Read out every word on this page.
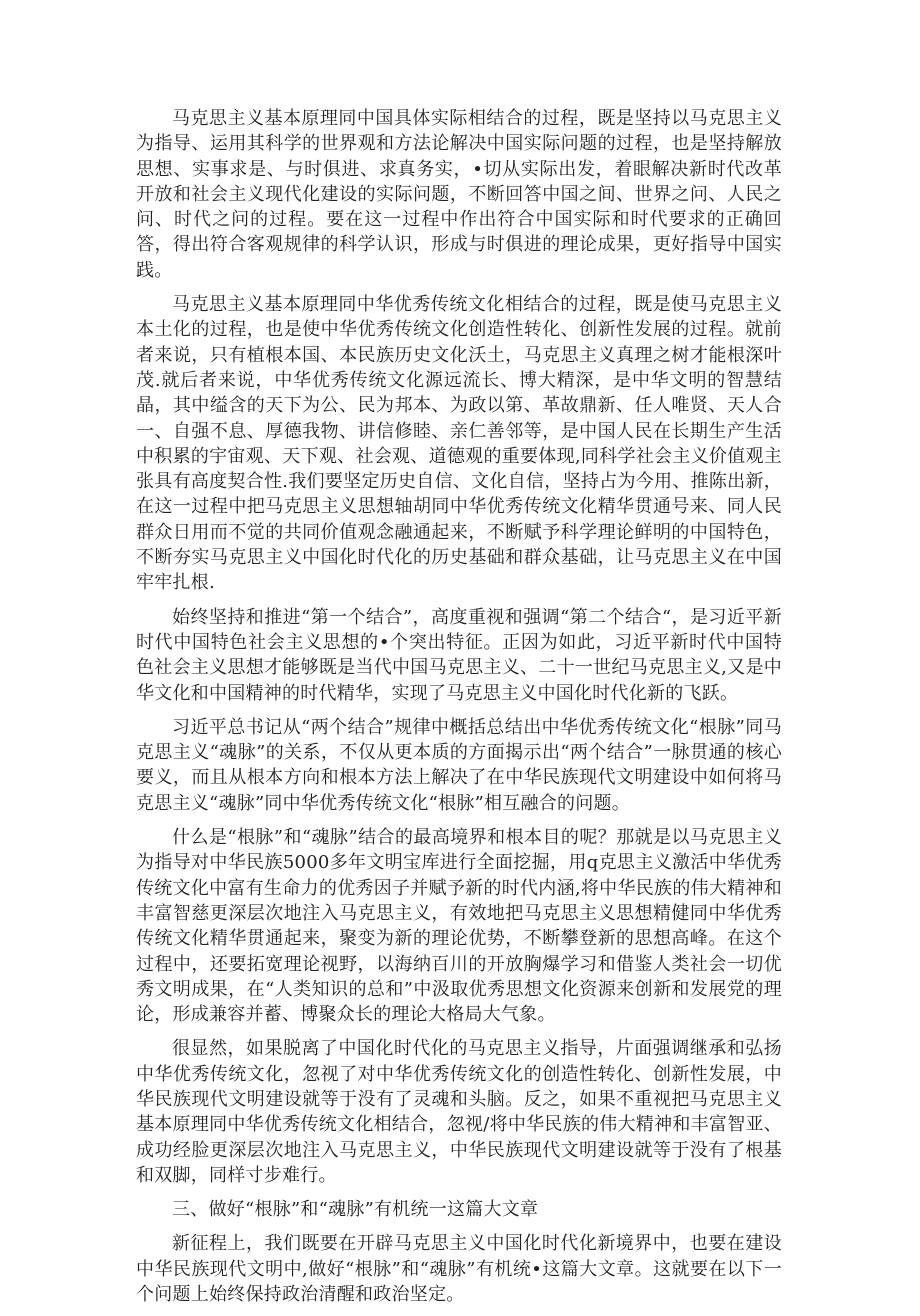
马克思主义基本原理同中国具体实际相结合的过程，既是坚持以马克思主义为指导、运用其科学的世界观和方法论解决中国实际问题的过程，也是坚持解放思想、实事求是、与时俱进、求真务实，•切从实际出发，着眼解决新时代改革开放和社会主义现代化建设的实际问题，不断回答中国之间、世界之问、人民之问、时代之问的过程。要在这一过程中作出符合中国实际和时代要求的正确回答，得出符合客观规律的科学认识，形成与时俱进的理论成果，更好指导中国实践。

马克思主义基本原理同中华优秀传统文化相结合的过程，既是使马克思主义本土化的过程，也是使中华优秀传统文化创造性转化、创新性发展的过程。就前者来说，只有植根本国、本民族历史文化沃土，马克思主义真理之树才能根深叶茂.就后者来说，中华优秀传统文化源远流长、博大精深，是中华文明的智慧结晶，其中缢含的天下为公、民为邦本、为政以第、革故鼎新、任人唯贤、天人合一、自强不息、厚德我物、讲信修睦、亲仁善邻等，是中国人民在长期生产生活中积累的宇宙观、天下观、社会观、道德观的重要体现,同科学社会主义价值观主张具有高度契合性.我们要坚定历史自信、文化自信，坚持占为今用、推陈出新，在这一过程中把马克思主义思想轴胡同中华优秀传统文化精华贯通号来、同人民群众日用而不觉的共同价值观念融通起来，不断赋予科学理论鲜明的中国特色，不断夯实马克思主义中国化时代化的历史基础和群众基础，让马克思主义在中国牢牢扎根.

始终坚持和推进“第一个结合”，高度重视和强调“第二个结合“，是习近平新时代中国特色社会主义思想的•个突出特征。正因为如此，习近平新时代中国特色社会主义思想才能够既是当代中国马克思主义、二十一世纪马克思主义,又是中华文化和中国精神的时代精华，实现了马克思主义中国化时代化新的飞跃。

习近平总书记从“两个结合”规律中概括总结出中华优秀传统文化“根脉”同马克思主义“魂脉”的关系，不仅从更本质的方面揭示出“两个结合”一脉贯通的核心要义，而且从根本方向和根本方法上解决了在中华民族现代文明建设中如何将马克思主义“魂脉”同中华优秀传统文化“根脉”相互融合的问题。

什么是“根脉”和“魂脉”结合的最高境界和根本目的呢？那就是以马克思主义为指导对中华民族5000多年文明宝库进行全面挖掘，用q克思主义激活中华优秀传统文化中富有生命力的优秀因子并赋予新的时代内涵,将中华民族的伟大精神和丰富智慈更深层次地注入马克思主义，有效地把马克思主义思想精健同中华优秀传统文化精华贯通起来，聚变为新的理论优势，不断攀登新的思想高峰。在这个过程中，还要拓宽理论视野，以海纳百川的开放胸爆学习和借鉴人类社会一切优秀文明成果，在“人类知识的总和”中汲取优秀思想文化资源来创新和发展党的理论，形成兼容并蓄、博聚众长的理论大格局大气象。

很显然，如果脱离了中国化时代化的马克思主义指导，片面强调继承和弘扬中华优秀传统文化，忽视了对中华优秀传统文化的创造性转化、创新性发展，中华民族现代文明建设就等于没有了灵魂和头脑。反之，如果不重视把马克思主义基本原理同中华优秀传统文化相结合，忽视/将中华民族的伟大精神和丰富智亚、成功经脸更深层次地注入马克思主义，中华民族现代文明建设就等于没有了根基和双脚，同样寸步难行。

三、做好“根脉”和“魂脉”有机统一这篇大文章

新征程上，我们既要在开辟马克思主义中国化时代化新境界中，也要在建设中华民族现代文明中,做好“根脉”和“魂脉”有机统•这篇大文章。这就要在以下一个问题上始终保持政治清醒和政治坚定。
